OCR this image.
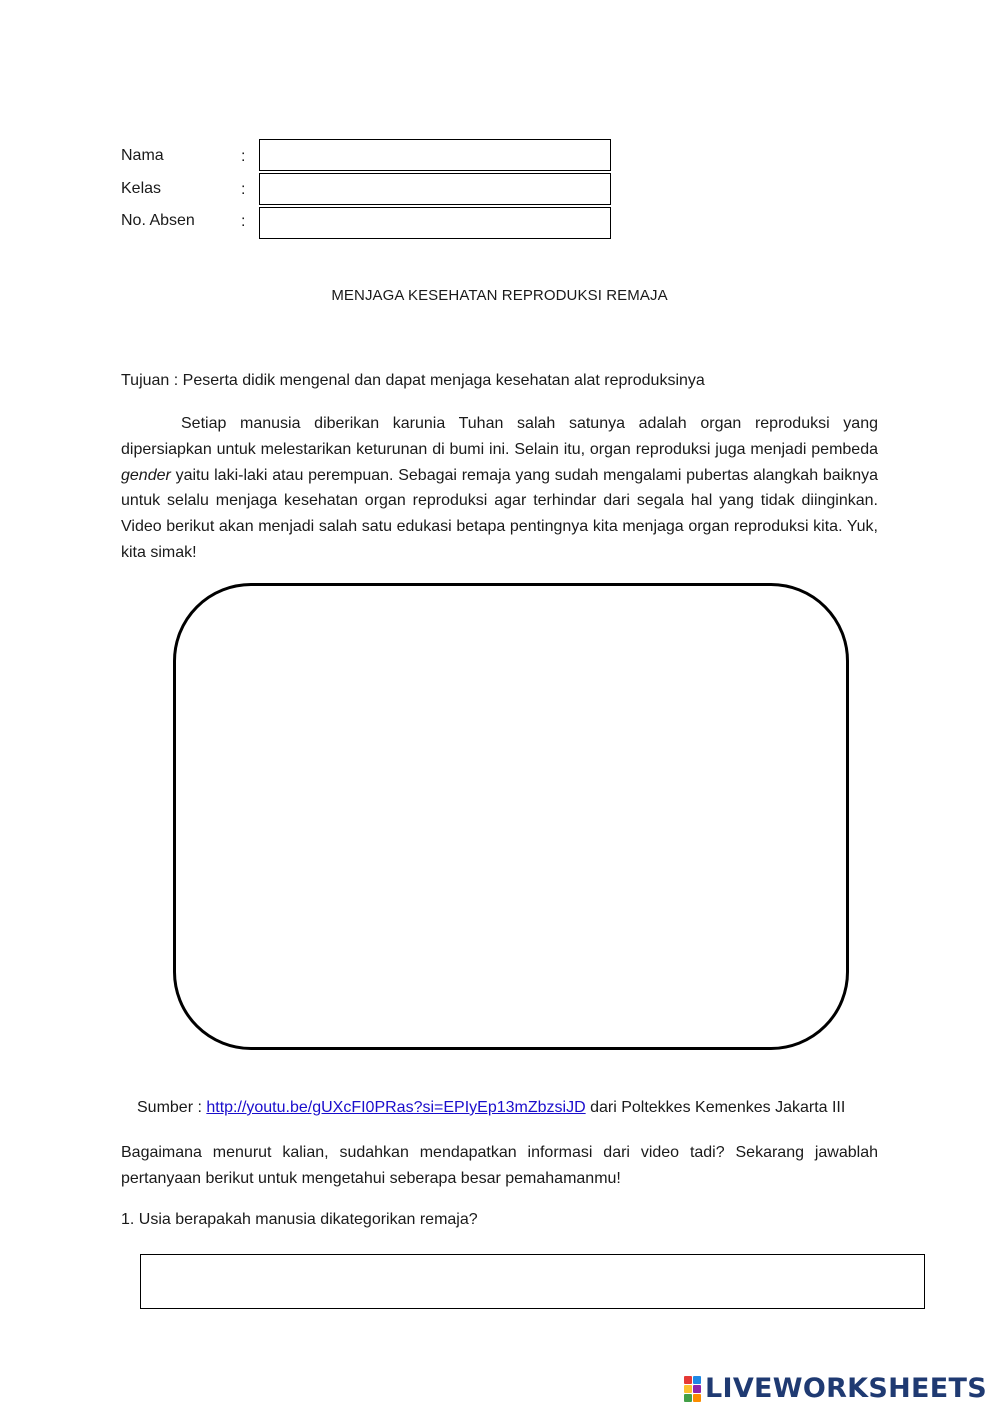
Nama	:
Kelas	:
No. Absen	:
MENJAGA KESEHATAN REPRODUKSI REMAJA
Tujuan : Peserta didik mengenal dan dapat menjaga kesehatan alat reproduksinya
Setiap manusia diberikan karunia Tuhan salah satunya adalah organ reproduksi yang dipersiapkan untuk melestarikan keturunan di bumi ini. Selain itu, organ reproduksi juga menjadi pembeda gender yaitu laki-laki atau perempuan. Sebagai remaja yang sudah mengalami pubertas alangkah baiknya untuk selalu menjaga kesehatan organ reproduksi agar terhindar dari segala hal yang tidak diinginkan. Video berikut akan menjadi salah satu edukasi betapa pentingnya kita menjaga organ reproduksi kita. Yuk, kita simak!
Sumber : http://youtu.be/gUXcFI0PRas?si=EPIyEp13mZbzsiJD dari Poltekkes Kemenkes Jakarta III
Bagaimana menurut kalian, sudahkan mendapatkan informasi dari video tadi? Sekarang jawablah pertanyaan berikut untuk mengetahui seberapa besar pemahamanmu!
1. Usia berapakah manusia dikategorikan remaja?
LIVEWORKSHEETS
